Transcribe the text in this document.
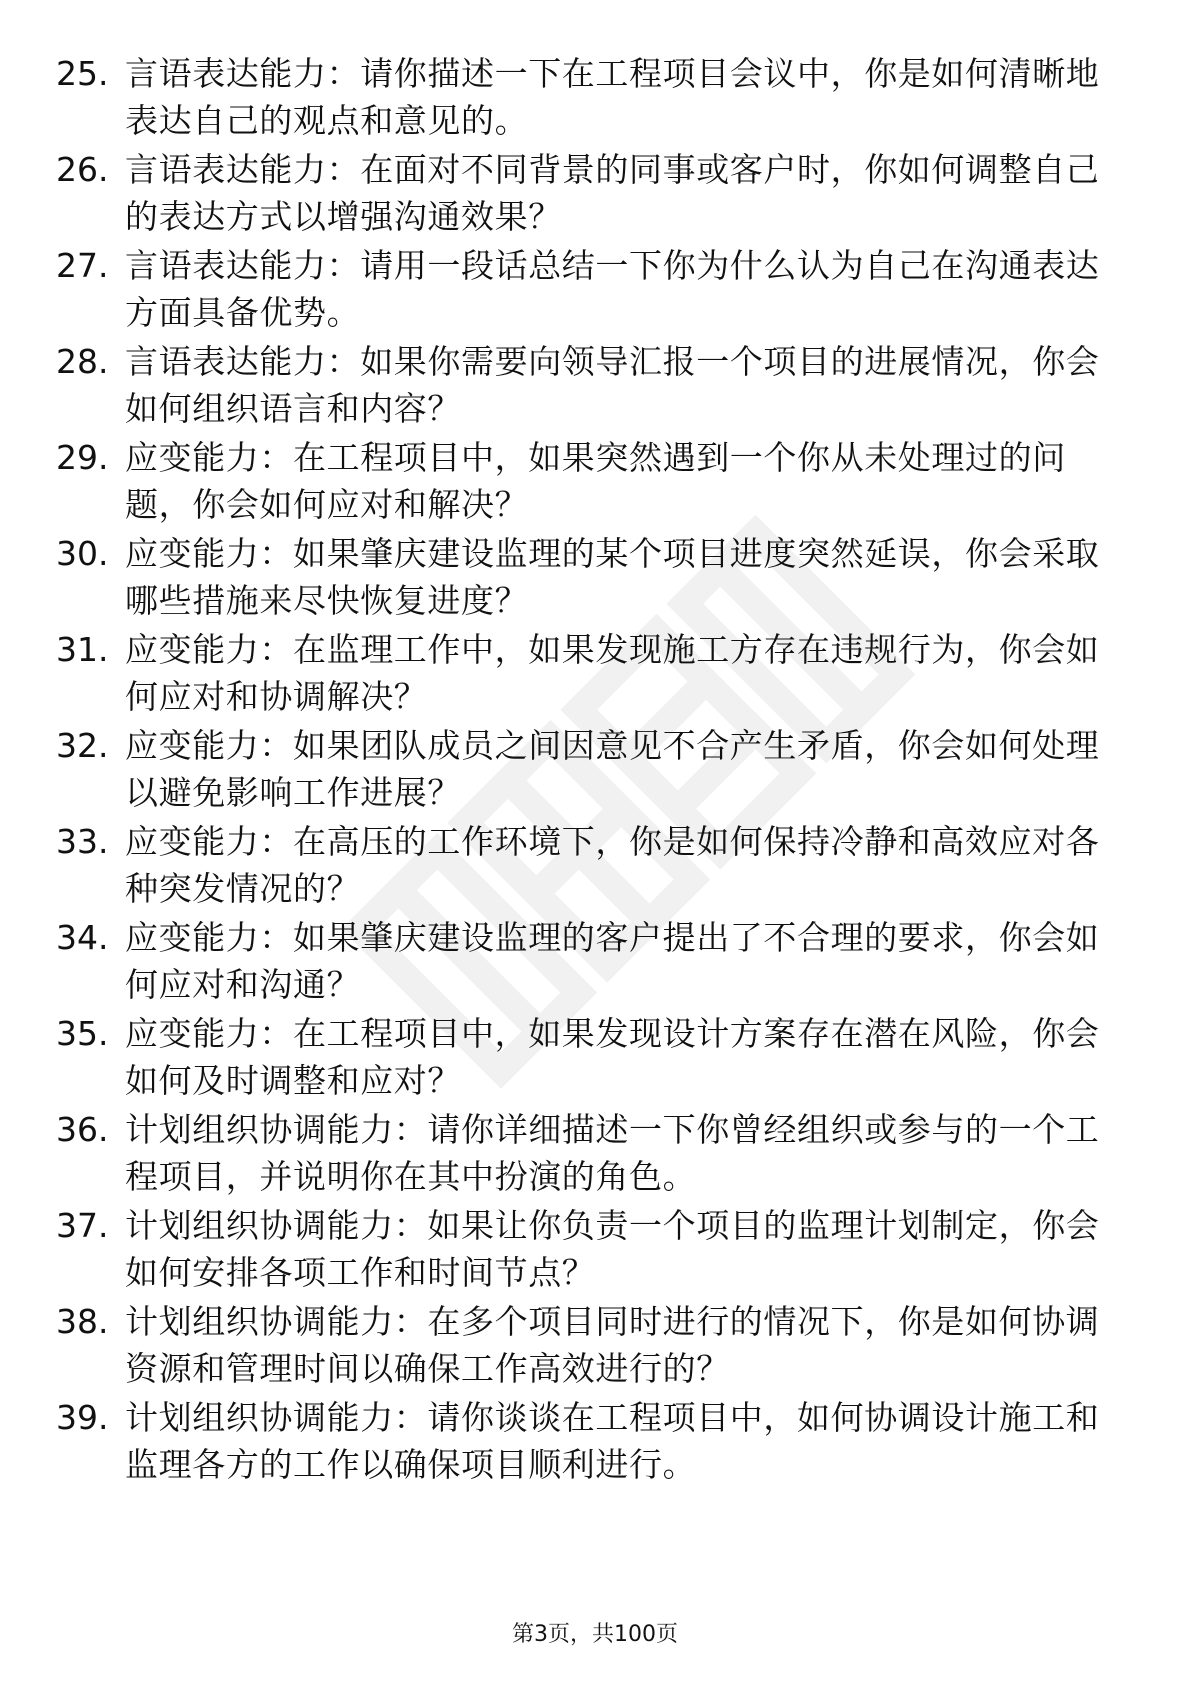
25. 言语表达能力：请你描述一下在工程项目会议中，你是如何清晰地表达自己的观点和意见的。
26. 言语表达能力：在面对不同背景的同事或客户时，你如何调整自己的表达方式以增强沟通效果？
27. 言语表达能力：请用一段话总结一下你为什么认为自己在沟通表达方面具备优势。
28. 言语表达能力：如果你需要向领导汇报一个项目的进展情况，你会如何组织语言和内容？
29. 应变能力：在工程项目中，如果突然遇到一个你从未处理过的问题，你会如何应对和解决？
30. 应变能力：如果肇庆建设监理的某个项目进度突然延误，你会采取哪些措施来尽快恢复进度？
31. 应变能力：在监理工作中，如果发现施工方存在违规行为，你会如何应对和协调解决？
32. 应变能力：如果团队成员之间因意见不合产生矛盾，你会如何处理以避免影响工作进展？
33. 应变能力：在高压的工作环境下，你是如何保持冷静和高效应对各种突发情况的？
34. 应变能力：如果肇庆建设监理的客户提出了不合理的要求，你会如何应对和沟通？
35. 应变能力：在工程项目中，如果发现设计方案存在潜在风险，你会如何及时调整和应对？
36. 计划组织协调能力：请你详细描述一下你曾经组织或参与的一个工程项目，并说明你在其中扮演的角色。
37. 计划组织协调能力：如果让你负责一个项目的监理计划制定，你会如何安排各项工作和时间节点？
38. 计划组织协调能力：在多个项目同时进行的情况下，你是如何协调资源和管理时间以确保工作高效进行的？
39. 计划组织协调能力：请你谈谈在工程项目中，如何协调设计施工和监理各方的工作以确保项目顺利进行。
第3页，共100页
